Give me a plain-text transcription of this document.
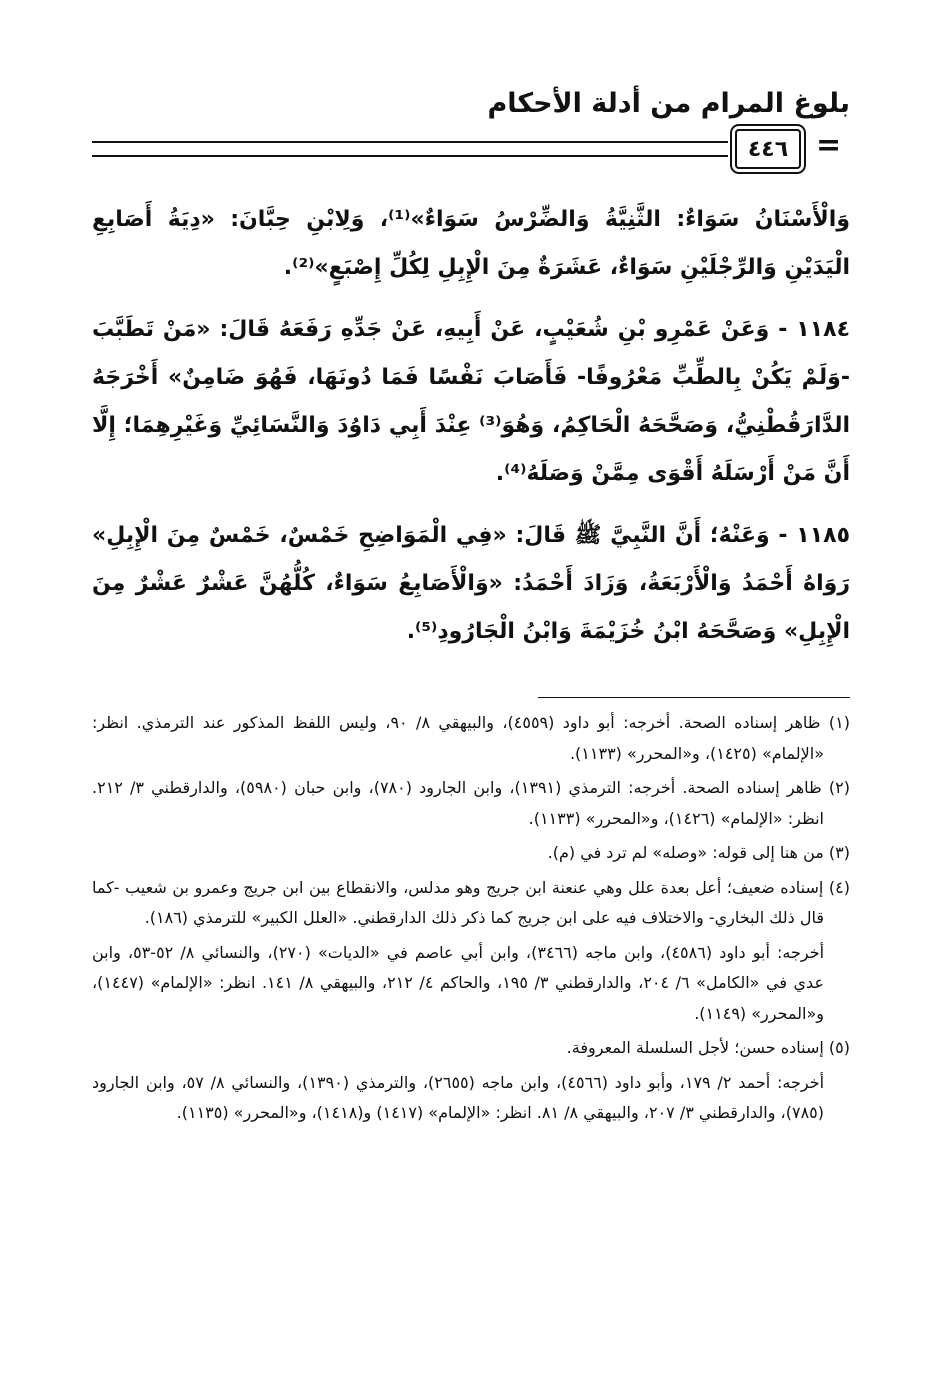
بلوغ المرام من أدلة الأحكام
٤٤٦ =

وَالْأَسْنَانُ سَوَاءٌ: الثَّنِيَّةُ وَالضِّرْسُ سَوَاءٌ»⁽¹⁾، وَلِابْنِ حِبَّانَ: «دِيَةُ أَصَابِعِ الْيَدَيْنِ وَالرِّجْلَيْنِ سَوَاءٌ، عَشَرَةٌ مِنَ الْإِبِلِ لِكُلِّ إِصْبَعٍ»⁽²⁾.

١١٨٤ - وَعَنْ عَمْرِو بْنِ شُعَيْبٍ، عَنْ أَبِيهِ، عَنْ جَدِّهِ رَفَعَهُ قَالَ: «مَنْ تَطَبَّبَ -وَلَمْ يَكُنْ بِالطِّبِّ مَعْرُوفًا- فَأَصَابَ نَفْسًا فَمَا دُونَهَا، فَهُوَ ضَامِنٌ» أَخْرَجَهُ الدَّارَقُطْنِيُّ، وَصَحَّحَهُ الْحَاكِمُ، وَهُوَ⁽³⁾ عِنْدَ أَبِي دَاوُدَ وَالنَّسَائِيِّ وَغَيْرِهِمَا؛ إِلَّا أَنَّ مَنْ أَرْسَلَهُ أَقْوَى مِمَّنْ وَصَلَهُ⁽⁴⁾.

١١٨٥ - وَعَنْهُ؛ أَنَّ النَّبِيَّ ﷺ قَالَ: «فِي الْمَوَاضِحِ خَمْسٌ، خَمْسٌ مِنَ الْإِبِلِ» رَوَاهُ أَحْمَدُ وَالْأَرْبَعَةُ، وَزَادَ أَحْمَدُ: «وَالْأَصَابِعُ سَوَاءٌ، كُلُّهُنَّ عَشْرٌ عَشْرٌ مِنَ الْإِبِلِ» وَصَحَّحَهُ ابْنُ خُزَيْمَةَ وَابْنُ الْجَارُودِ⁽⁵⁾.

(١) ظاهر إسناده الصحة. أخرجه: أبو داود (٤٥٥٩)، والبيهقي ٨/ ٩٠، وليس اللفظ المذكور عند الترمذي. انظر: «الإلمام» (١٤٢٥)، و«المحرر» (١١٣٣).

(٢) ظاهر إسناده الصحة. أخرجه: الترمذي (١٣٩١)، وابن الجارود (٧٨٠)، وابن حبان (٥٩٨٠)، والدارقطني ٣/ ٢١٢. انظر: «الإلمام» (١٤٢٦)، و«المحرر» (١١٣٣).

(٣) من هنا إلى قوله: «وصله» لم ترد في (م).

(٤) إسناده ضعيف؛ أعل بعدة علل وهي عنعنة ابن جريج وهو مدلس، والانقطاع بين ابن جريج وعمرو بن شعيب -كما قال ذلك البخاري- والاختلاف فيه على ابن جريج كما ذكر ذلك الدارقطني. «العلل الكبير» للترمذي (١٨٦).

أخرجه: أبو داود (٤٥٨٦)، وابن ماجه (٣٤٦٦)، وابن أبي عاصم في «الديات» (٢٧٠)، والنسائي ٨/ ٥٢-٥٣، وابن عدي في «الكامل» ٦/ ٢٠٤، والدارقطني ٣/ ١٩٥، والحاكم ٤/ ٢١٢، والبيهقي ٨/ ١٤١. انظر: «الإلمام» (١٤٤٧)، و«المحرر» (١١٤٩).

(٥) إسناده حسن؛ لأجل السلسلة المعروفة.

أخرجه: أحمد ٢/ ١٧٩، وأبو داود (٤٥٦٦)، وابن ماجه (٢٦٥٥)، والترمذي (١٣٩٠)، والنسائي ٨/ ٥٧، وابن الجارود (٧٨٥)، والدارقطني ٣/ ٢٠٧، والبيهقي ٨/ ٨١. انظر: «الإلمام» (١٤١٧) و(١٤١٨)، و«المحرر» (١١٣٥).
